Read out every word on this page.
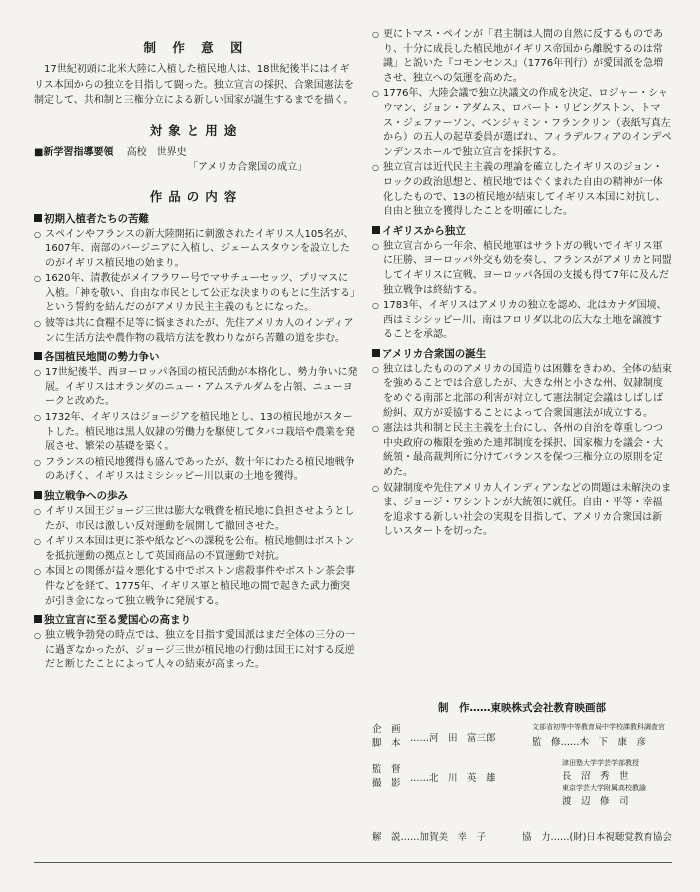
制 作 意 図

17世紀初頭に北米大陸に入植した植民地人は、18世紀後半にはイギリス本国からの独立を目指して闘った。独立宣言の採択、合衆国憲法を制定して、共和制と三権分立による新しい国家が誕生するまでを描く。

対象と用途
■新学習指導要領 高校　世界史
「アメリカ合衆国の成立」
作品の内容
初期入植者たちの苦難
○ スペインやフランスの新大陸開拓に刺激されたイギリス人105名が、1607年、南部のバージニアに入植し、ジェームスタウンを設立したのがイギリス植民地の始まり。
○ 1620年、清教徒がメイフラワー号でマサチューセッツ、プリマスに入植。「神を敬い、自由な市民として公正な決まりのもとに生活する」という誓約を結んだのがアメリカ民主主義のもとになった。
○ 彼等は共に食糧不足等に悩まされたが、先住アメリカ人のインディアンに生活方法や農作物の栽培方法を教わりながら苦難の道を歩む。
各国植民地間の勢力争い
○ 17世紀後半、西ヨーロッパ各国の植民活動が本格化し、勢力争いに発展。イギリスはオランダのニュー・アムステルダムを占領、ニューヨークと改めた。
○ 1732年、イギリスはジョージアを植民地とし、13の植民地がスタートした。植民地は黒人奴隷の労働力を駆使してタバコ栽培や農業を発展させ、繁栄の基礎を築く。
○ フランスの植民地獲得も盛んであったが、数十年にわたる植民地戦争のあげく、イギリスはミシシッピー川以東の土地を獲得。
独立戦争への歩み
○ イギリス国王ジョージ三世は膨大な戦費を植民地に負担させようとしたが、市民は激しい反対運動を展開して撤回させた。
○ イギリス本国は更に茶や紙などへの課税を公布。植民地側はボストンを抵抗運動の拠点として英国商品の不買運動で対抗。
○ 本国との関係が益々悪化する中でボストン虐殺事件やボストン茶会事件などを経て、1775年、イギリス軍と植民地の間で起きた武力衝突が引き金になって独立戦争に発展する。
独立宣言に至る愛国心の高まり
○ 独立戦争勃発の時点では、独立を目指す愛国派はまだ全体の三分の一に過ぎなかったが、ジョージ三世が植民地の行動は国王に対する反逆だと断じたことによって人々の結束が高まった。
○ 更にトマス・ペインが「君主制は人間の自然に反するものであり、十分に成長した植民地がイギリス帝国から離脱するのは常識」と説いた『コモンセンス』（1776年刊行）が愛国派を急増させ、独立への気運を高めた。
○ 1776年、大陸会議で独立決議文の作成を決定、ロジャー・シャウマン、ジョン・アダムス、ロバート・リビングストン、トマス・ジェファーソン、ベンジャミン・フランクリン（表紙写真左から）の五人の起草委員が選ばれ、フィラデルフィアのインデペンデンスホールで独立宣言を採択する。
○ 独立宣言は近代民主主義の理論を確立したイギリスのジョン・ロックの政治思想と、植民地ではぐくまれた自由の精神が一体化したもので、13の植民地が結束してイギリス本国に対抗し、自由と独立を獲得したことを明確にした。
イギリスから独立
○ 独立宣言から一年余、植民地軍はサラトガの戦いでイギリス軍に圧勝、ヨーロッパ外交も効を奏し、フランスがアメリカと同盟してイギリスに宣戦、ヨーロッパ各国の支援も得て7年に及んだ独立戦争は終結する。
○ 1783年、イギリスはアメリカの独立を認め、北はカナダ国境、西はミシシッピー川、南はフロリダ以北の広大な土地を譲渡することを承認。
アメリカ合衆国の誕生
○ 独立はしたもののアメリカの国造りは困難をきわめ、全体の結束を強めることでは合意したが、大きな州と小さな州、奴隷制度をめぐる南部と北部の利害が対立して憲法制定会議はしばしば紛糾、双方が妥協することによって合衆国憲法が成立する。
○ 憲法は共和制と民主主義を土台にし、各州の自治を尊重しつつ中央政府の権限を強めた連邦制度を採択、国家権力を議会・大統領・最高裁判所に分けてバランスを保つ三権分立の原則を定めた。
○ 奴隷制度や先住アメリカ人インディアンなどの問題は未解決のまま、ジョージ・ワシントンが大統領に就任。自由・平等・幸福を追求する新しい社会の実現を目指して、アメリカ合衆国は新しいスタートを切った。
制　作……東映株式会社教育映画部
企　画
脚　本 ……河　田　富三郎
文部省初等中等教育局中学校課教科調査官
監　修……木　下　康　彦
監　督
撮　影 ……北　川　英　雄
津田塾大学学芸学部教授
長　沼　秀　世
東京学芸大学附属高校教諭
渡　辺　修　司
解　説……加賀美　幸　子	協　力……(財)日本視聴覚教育協会
